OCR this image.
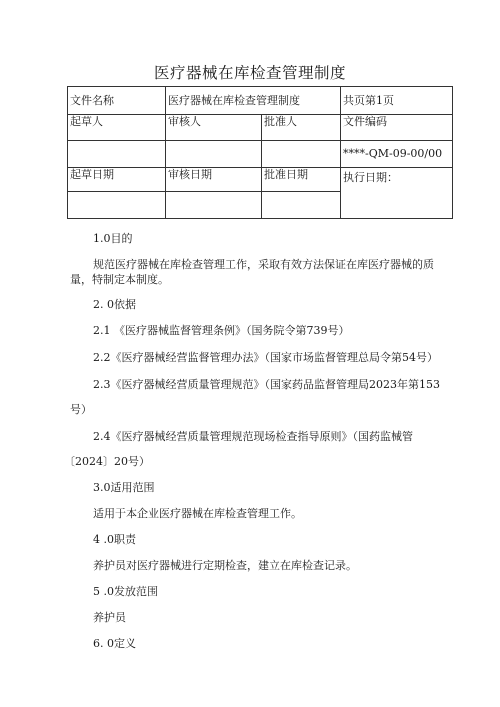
医疗器械在库检查管理制度
文件名称	医疗器械在库检查管理制度		共页第1页
起草人	审核人	批准人	文件编码
			****-QM-09-00/00
起草日期	审核日期	批准日期	执行日期：

1.0目的
规范医疗器械在库检查管理工作，采取有效方法保证在库医疗器械的质
量，特制定本制度。
2. 0依据
2.1 《医疗器械监督管理条例》（国务院令第739号）
2.2《医疗器械经营监督管理办法》（国家市场监督管理总局令第54号）
2.3《医疗器械经营质量管理规范》（国家药品监督管理局2023年第153
号）
2.4《医疗器械经营质量管理规范现场检查指导原则》（国药监械管
〔2024〕20号）
3.0适用范围
适用于本企业医疗器械在库检查管理工作。
4 .0职责
养护员对医疗器械进行定期检查，建立在库检查记录。
5 .0发放范围
养护员
6. 0定义
